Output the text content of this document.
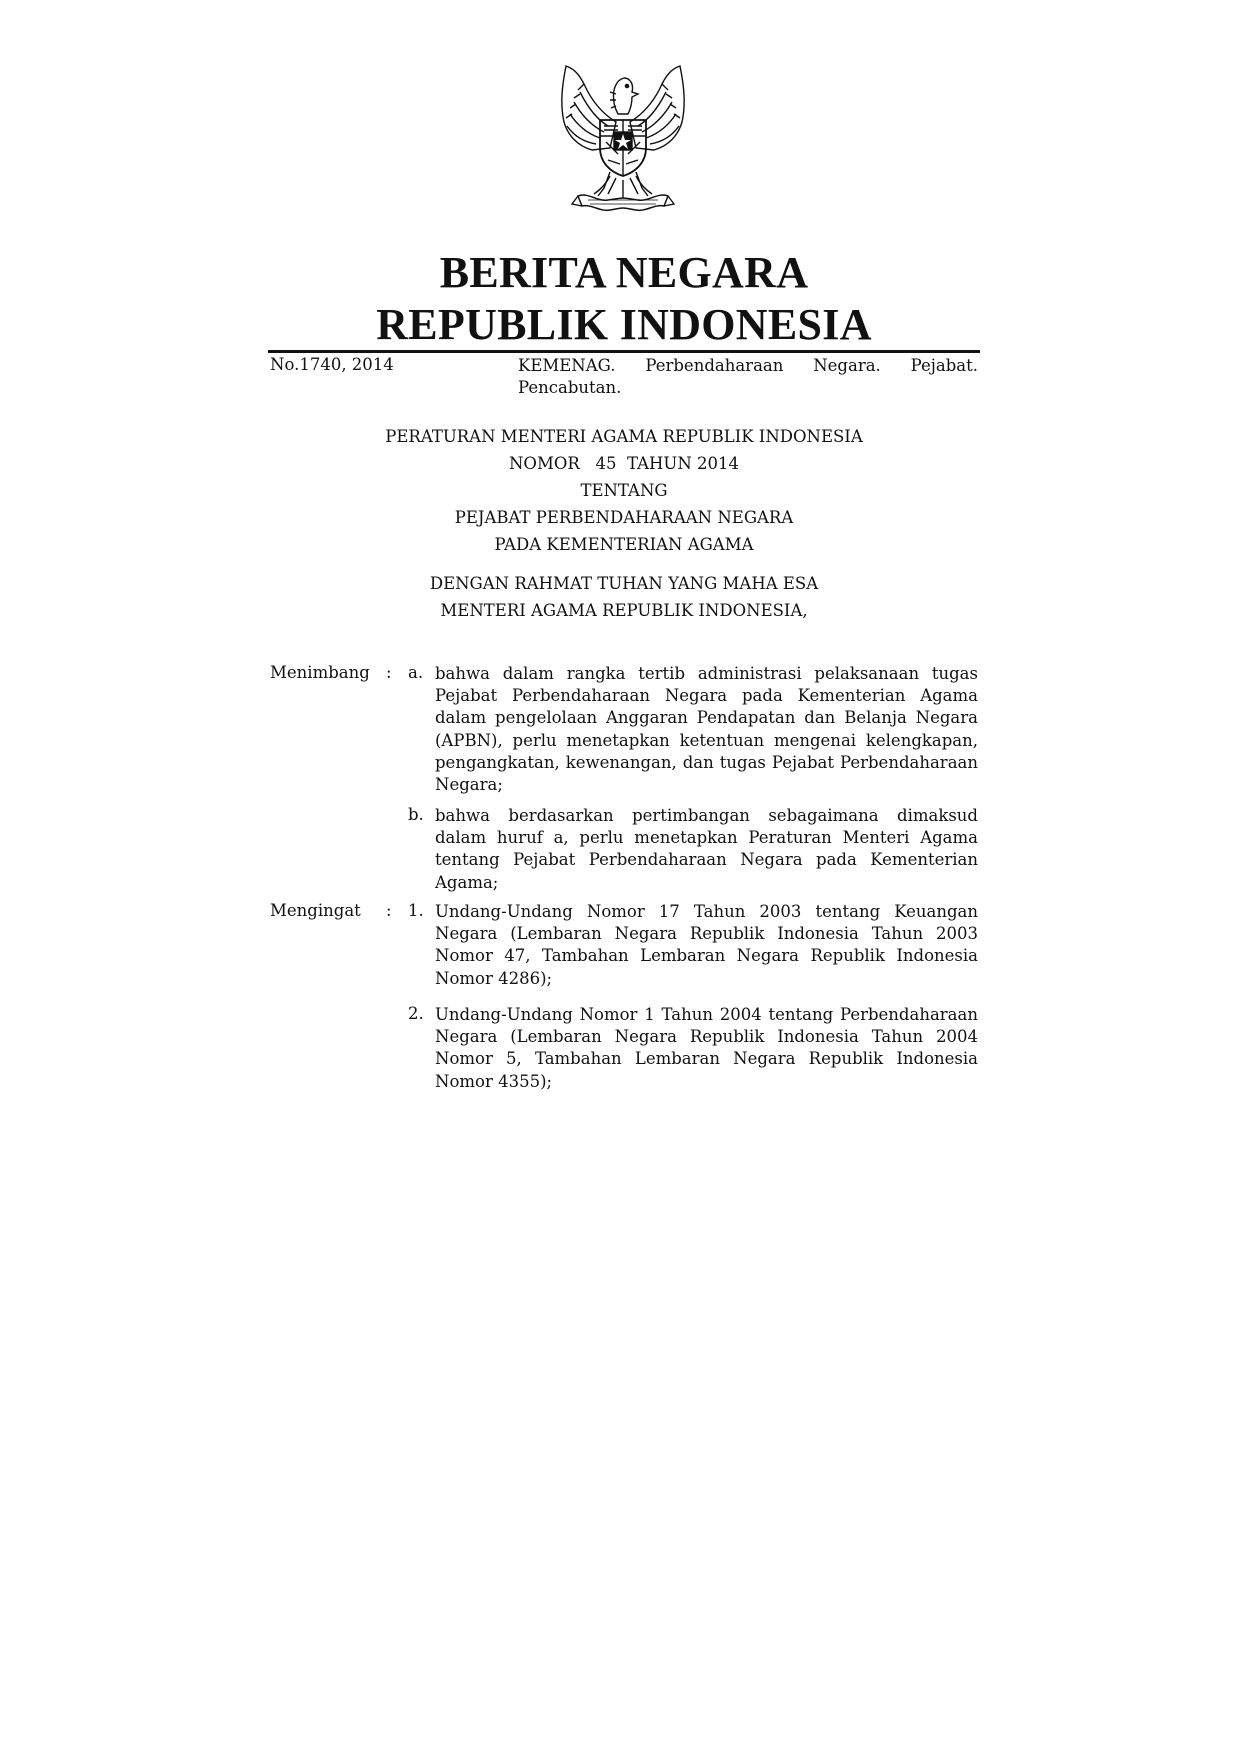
BERITA NEGARA
REPUBLIK INDONESIA
No.1740, 2014	KEMENAG. Perbendaharaan Negara. Pejabat.
Pencabutan.
PERATURAN MENTERI AGAMA REPUBLIK INDONESIA
NOMOR   45  TAHUN 2014
TENTANG
PEJABAT PERBENDAHARAAN NEGARA
PADA KEMENTERIAN AGAMA
DENGAN RAHMAT TUHAN YANG MAHA ESA
MENTERI AGAMA REPUBLIK INDONESIA,
Menimbang : a. bahwa dalam rangka tertib administrasi pelaksanaan tugas Pejabat Perbendaharaan Negara pada Kementerian Agama dalam pengelolaan Anggaran Pendapatan dan Belanja Negara (APBN), perlu menetapkan ketentuan mengenai kelengkapan, pengangkatan, kewenangan, dan tugas Pejabat Perbendaharaan Negara;
b. bahwa berdasarkan pertimbangan sebagaimana dimaksud dalam huruf a, perlu menetapkan Peraturan Menteri Agama tentang Pejabat Perbendaharaan Negara pada Kementerian Agama;
Mengingat : 1. Undang-Undang Nomor 17 Tahun 2003 tentang Keuangan Negara (Lembaran Negara Republik Indonesia Tahun 2003 Nomor 47, Tambahan Lembaran Negara Republik Indonesia Nomor 4286);
2. Undang-Undang Nomor 1 Tahun 2004 tentang Perbendaharaan Negara (Lembaran Negara Republik Indonesia Tahun 2004 Nomor 5, Tambahan Lembaran Negara Republik Indonesia Nomor 4355);
